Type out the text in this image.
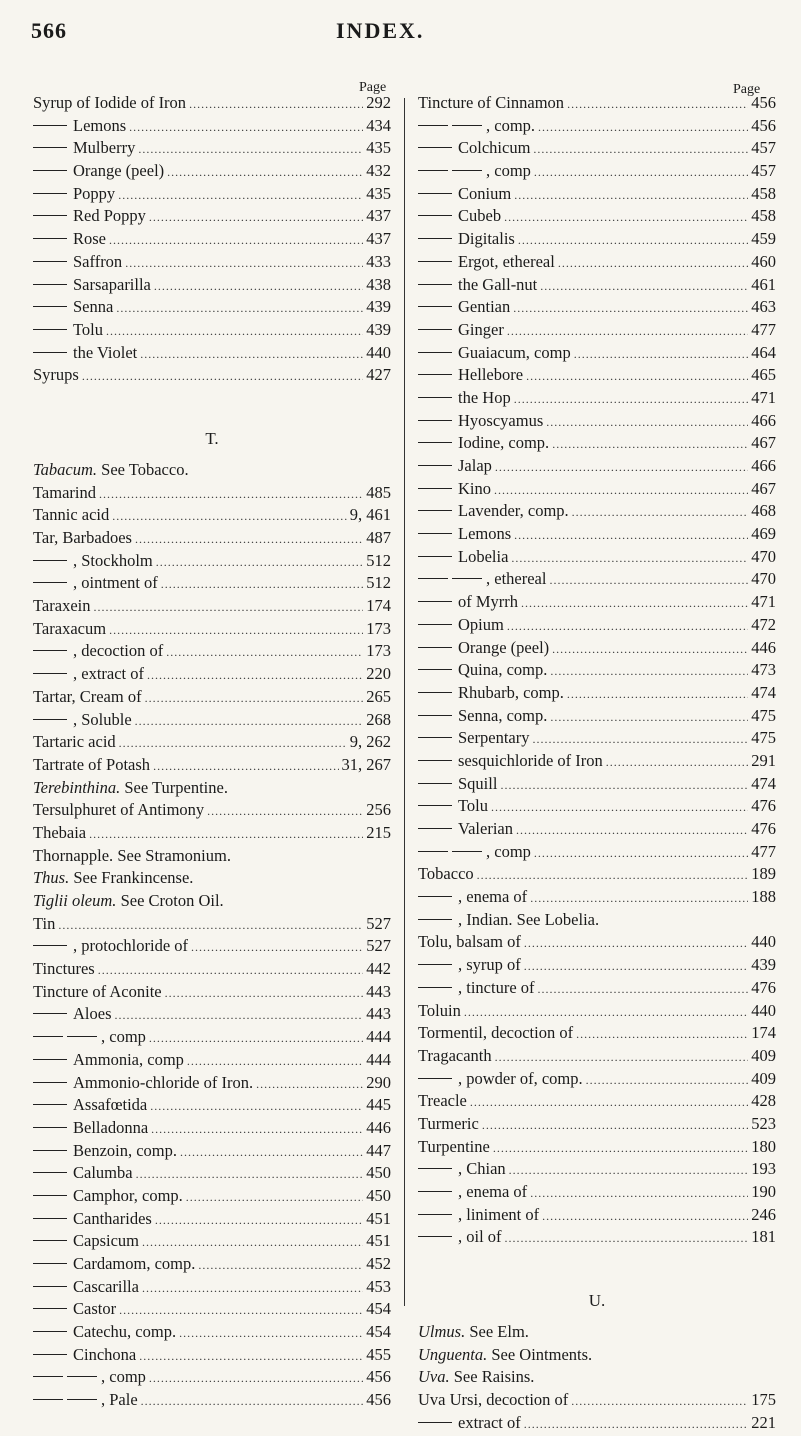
566	INDEX.
Page
Syrup of Iodide of Iron .....	292
Lemons .....	434
Mulberry .....	435
Orange (peel) .....	432
Poppy .....	435
Red Poppy .....	437
Rose .....	437
Saffron .....	433
Sarsaparilla .....	438
Senna .....	439
Tolu .....	439
the Violet .....	440
Syrups .....	427
T.
Tabacum. See Tobacco.
Tamarind .....	485
Tannic acid .....	9, 461
Tar, Barbadoes .....	487
, Stockholm .....	512
, ointment of .....	512
Taraxein .....	174
Taraxacum .....	173
, decoction of .....	173
, extract of .....	220
Tartar, Cream of .....	265
, Soluble .....	268
Tartaric acid .....	9, 262
Tartrate of Potash .....	31, 267
Terebinthina. See Turpentine.
Tersulphuret of Antimony .....	256
Thebaia .....	215
Thornapple. See Stramonium.
Thus. See Frankincense.
Tiglii oleum. See Croton Oil.
Tin .....	527
, protochloride of .....	527
Tinctures .....	442
Tincture of Aconite .....	443
Aloes .....	443
, comp .....	444
Ammonia, comp .....	444
Ammonio-chloride of Iron. .....	290
Assafœtida .....	445
Belladonna .....	446
Benzoin, comp. .....	447
Calumba .....	450
Camphor, comp. .....	450
Cantharides .....	451
Capsicum .....	451
Cardamom, comp. .....	452
Cascarilla .....	453
Castor .....	454
Catechu, comp. .....	454
Cinchona .....	455
, comp .....	456
, Pale .....	456
Page
Tincture of Cinnamon .....	456
, comp. .....	456
Colchicum .....	457
, comp .....	457
Conium .....	458
Cubeb .....	458
Digitalis .....	459
Ergot, ethereal .....	460
the Gall-nut .....	461
Gentian .....	463
Ginger .....	477
Guaiacum, comp .....	464
Hellebore .....	465
the Hop .....	471
Hyoscyamus .....	466
Iodine, comp. .....	467
Jalap .....	466
Kino .....	467
Lavender, comp. .....	468
Lemons .....	469
Lobelia .....	470
, ethereal .....	470
of Myrrh .....	471
Opium .....	472
Orange (peel) .....	446
Quina, comp. .....	473
Rhubarb, comp. .....	474
Senna, comp. .....	475
Serpentary .....	475
sesquichloride of Iron .....	291
Squill .....	474
Tolu .....	476
Valerian .....	476
, comp .....	477
Tobacco .....	189
, enema of .....	188
, Indian. See Lobelia.
Tolu, balsam of .....	440
, syrup of .....	439
, tincture of .....	476
Toluin .....	440
Tormentil, decoction of .....	174
Tragacanth .....	409
, powder of, comp. .....	409
Treacle .....	428
Turmeric .....	523
Turpentine .....	180
, Chian .....	193
, enema of .....	190
, liniment of .....	246
, oil of .....	181
U.
Ulmus. See Elm.
Unguenta. See Ointments.
Uva. See Raisins.
Uva Ursi, decoction of .....	175
extract of .....	221
